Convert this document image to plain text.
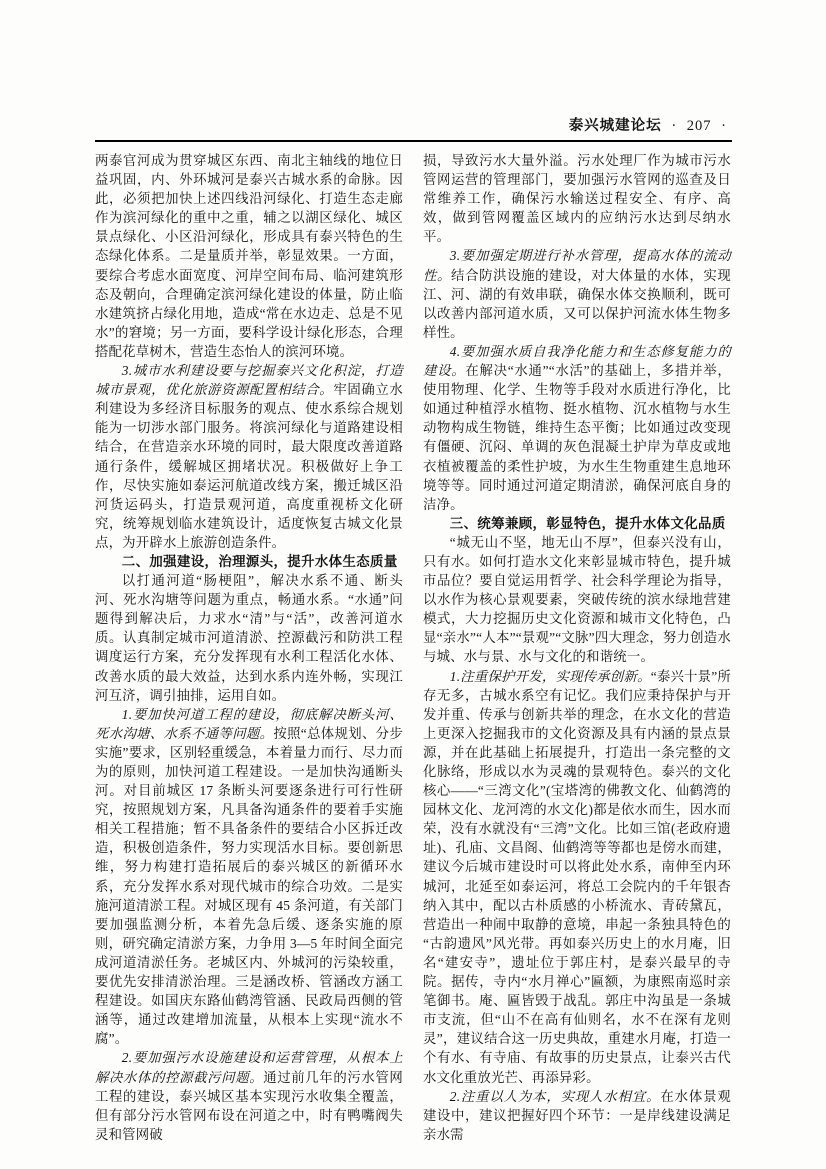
泰兴城建论坛 · 207 ·

两泰官河成为贯穿城区东西、南北主轴线的地位日益巩固，内、外环城河是泰兴古城水系的命脉。因此，必须把加快上述四线沿河绿化、打造生态走廊作为滨河绿化的重中之重，辅之以湖区绿化、城区景点绿化、小区沿河绿化，形成具有泰兴特色的生态绿化体系。二是量质并举，彰显效果。一方面，要综合考虑水面宽度、河岸空间布局、临河建筑形态及朝向，合理确定滨河绿化建设的体量，防止临水建筑挤占绿化用地，造成“常在水边走、总是不见水”的窘境；另一方面，要科学设计绿化形态，合理搭配花草树木，营造生态怡人的滨河环境。

3.城市水利建设要与挖掘泰兴文化积淀，打造城市景观，优化旅游资源配置相结合。牢固确立水利建设为多经济目标服务的观点、使水系综合规划能为一切涉水部门服务。将滨河绿化与道路建设相结合，在营造亲水环境的同时，最大限度改善道路通行条件，缓解城区拥堵状况。积极做好上争工作，尽快实施如泰运河航道改线方案，搬迁城区沿河货运码头，打造景观河道，高度重视桥文化研究，统筹规划临水建筑设计，适度恢复古城文化景点，为开辟水上旅游创造条件。

二、加强建设，治理源头，提升水体生态质量

以打通河道“肠梗阻”，解决水系不通、断头河、死水沟塘等问题为重点，畅通水系。“水通”问题得到解决后，力求水“清”与“活”，改善河道水质。认真制定城市河道清淤、控源截污和防洪工程调度运行方案，充分发挥现有水利工程活化水体、改善水质的最大效益，达到水系内连外畅，实现江河互济，调引抽排，运用自如。

1.要加快河道工程的建设，彻底解决断头河、死水沟塘、水系不通等问题。按照“总体规划、分步实施”要求，区别轻重缓急，本着量力而行、尽力而为的原则，加快河道工程建设。一是加快沟通断头河。对目前城区 17 条断头河要逐条进行可行性研究，按照规划方案，凡具备沟通条件的要着手实施相关工程措施；暂不具备条件的要结合小区拆迁改造，积极创造条件，努力实现活水目标。要创新思维，努力构建打造拓展后的泰兴城区的新循环水系，充分发挥水系对现代城市的综合功效。二是实施河道清淤工程。对城区现有 45 条河道，有关部门要加强监测分析，本着先急后缓、逐条实施的原则，研究确定清淤方案，力争用 3—5 年时间全面完成河道清淤任务。老城区内、外城河的污染较重，要优先安排清淤治理。三是涵改桥、管涵改方涵工程建设。如国庆东路仙鹤湾管涵、民政局西侧的管涵等，通过改建增加流量，从根本上实现“流水不腐”。

2.要加强污水设施建设和运营管理，从根本上解决水体的控源截污问题。通过前几年的污水管网工程的建设，泰兴城区基本实现污水收集全覆盖，但有部分污水管网布设在河道之中，时有鸭嘴阀失灵和管网破

损，导致污水大量外溢。污水处理厂作为城市污水管网运营的管理部门，要加强污水管网的巡查及日常维养工作，确保污水输送过程安全、有序、高效，做到管网覆盖区域内的应纳污水达到尽纳水平。

3.要加强定期进行补水管理，提高水体的流动性。结合防洪设施的建设，对大体量的水体，实现江、河、湖的有效串联，确保水体交换顺利，既可以改善内部河道水质，又可以保护河流水体生物多样性。

4.要加强水质自我净化能力和生态修复能力的建设。在解决“水通”“水活”的基础上，多措并举，使用物理、化学、生物等手段对水质进行净化，比如通过种植浮水植物、挺水植物、沉水植物与水生动物构成生物链，维持生态平衡；比如通过改变现有僵硬、沉闷、单调的灰色混凝土护岸为草皮或地衣植被覆盖的柔性护坡，为水生生物重建生息地环境等等。同时通过河道定期清淤，确保河底自身的洁净。

三、统筹兼顾，彰显特色，提升水体文化品质

“城无山不坚，地无山不厚”，但泰兴没有山，只有水。如何打造水文化来彰显城市特色，提升城市品位？要自觉运用哲学、社会科学理论为指导，以水作为核心景观要素，突破传统的滨水绿地营建模式，大力挖掘历史文化资源和城市文化特色，凸显“亲水”“人本”“景观”“文脉”四大理念，努力创造水与城、水与景、水与文化的和谐统一。

1.注重保护开发，实现传承创新。“泰兴十景”所存无多，古城水系空有记忆。我们应秉持保护与开发并重、传承与创新共举的理念，在水文化的营造上更深入挖掘我市的文化资源及具有内涵的景点景源，并在此基础上拓展提升，打造出一条完整的文化脉络，形成以水为灵魂的景观特色。泰兴的文化核心——“三湾文化”(宝塔湾的佛教文化、仙鹤湾的园林文化、龙河湾的水文化)都是依水而生，因水而荣，没有水就没有“三湾”文化。比如三馆(老政府遗址)、孔庙、文昌阁、仙鹤湾等等都也是傍水而建，建议今后城市建设时可以将此处水系，南伸至内环城河，北延至如泰运河，将总工会院内的千年银杏纳入其中，配以古朴质感的小桥流水、青砖黛瓦，营造出一种闹中取静的意境，串起一条独具特色的“古韵遗风”风光带。再如泰兴历史上的水月庵，旧名“建安寺”，遗址位于郭庄村，是泰兴最早的寺院。据传，寺内“水月禅心”匾额，为康熙南巡时亲笔御书。庵、匾皆毁于战乱。郭庄中沟虽是一条城市支流，但“山不在高有仙则名，水不在深有龙则灵”，建议结合这一历史典故，重建水月庵，打造一个有水、有寺庙、有故事的历史景点，让泰兴古代水文化重放光芒、再添异彩。

2.注重以人为本，实现人水相宜。在水体景观建设中，建议把握好四个环节：一是岸线建设满足亲水需
